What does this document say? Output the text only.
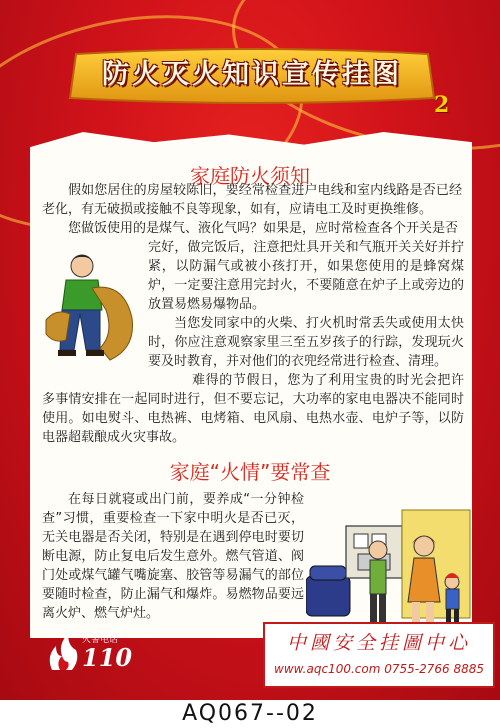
防火灭火知识宣传挂图
2
家庭防火须知

假如您居住的房屋较陈旧，要经常检查进户电线和室内线路是否已经老化，有无破损或接触不良等现象，如有，应请电工及时更换维修。

您做饭使用的是煤气、液化气吗？如果是，应时常检查各个开关是否

完好，做完饭后，注意把灶具开关和气瓶开关关好并拧紧，以防漏气或被小孩打开，如果您使用的是蜂窝煤炉，一定要注意用完封火，不要随意在炉子上或旁边的放置易燃易爆物品。

当您发同家中的火柴、打火机时常丢失或使用太快时，你应注意观察家里三至五岁孩子的行踪，发现玩火要及时教育，并对他们的衣兜经常进行检查、清理。

难得的节假日，您为了利用宝贵的时光会把许多事情安排在一起同时进行，但不要忘记，大功率的家电电器决不能同时使用。如电熨斗、电热裤、电烤箱、电风扇、电热水壶、电炉子等，以防电器超载酿成火灾事故。

家庭“火情”要常查

在每日就寝或出门前，要养成“一分钟检查”习惯，重要检查一下家中明火是否已灭，无关电器是否关闭，特别是在遇到停电时要切断电源，防止复电后发生意外。燃气管道、阀门处或煤气罐气嘴旋塞、胶管等易漏气的部位要随时检查，防止漏气和爆炸。易燃物品要远离火炉、燃气炉灶。

火警电话
110	中國安全挂圖中心
www.aqc100.com 0755-2766 8885
AQ067--02
